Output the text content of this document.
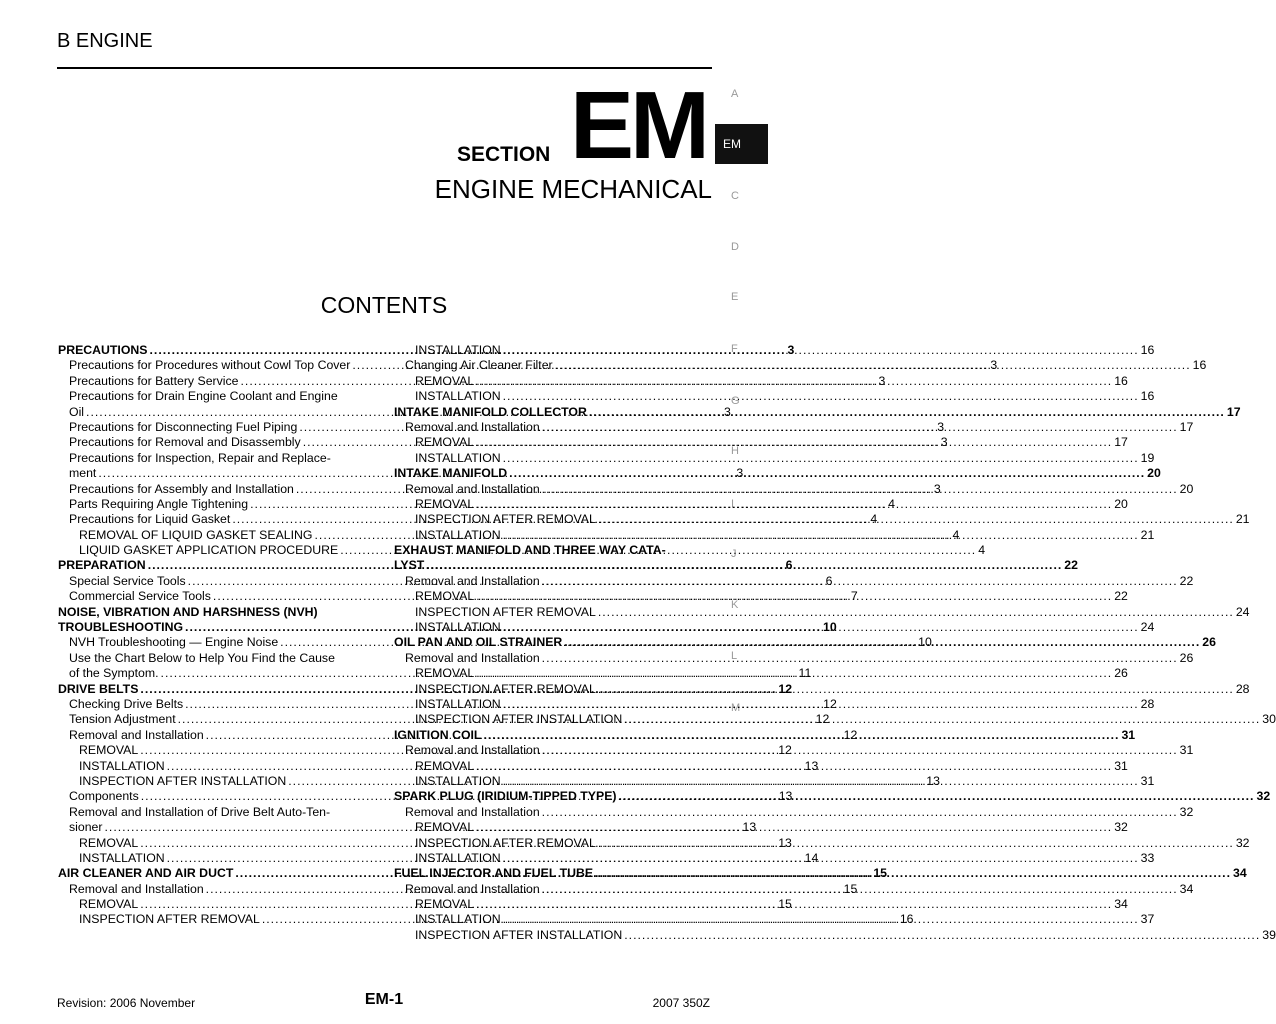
B ENGINE
SECTION EM
ENGINE MECHANICAL
A
EM
C
D
E
F
G
H
I
J
K
L
M
CONTENTS
PRECAUTIONS .....	3
Precautions for Procedures without Cowl Top Cover .....	3
Precautions for Battery Service .....	3
Precautions for Drain Engine Coolant and Engine
Oil .....	3
Precautions for Disconnecting Fuel Piping .....	3
Precautions for Removal and Disassembly .....	3
Precautions for Inspection, Repair and Replace-
ment .....	3
Precautions for Assembly and Installation .....	3
Parts Requiring Angle Tightening .....	4
Precautions for Liquid Gasket .....	4
REMOVAL OF LIQUID GASKET SEALING .....	4
LIQUID GASKET APPLICATION PROCEDURE .....	4
PREPARATION .....	6
Special Service Tools .....	6
Commercial Service Tools .....	7
NOISE, VIBRATION AND HARSHNESS (NVH)
TROUBLESHOOTING .....	10
NVH Troubleshooting — Engine Noise .....	10
Use the Chart Below to Help You Find the Cause
of the Symptom. .....	11
DRIVE BELTS .....	12
Checking Drive Belts .....	12
Tension Adjustment .....	12
Removal and Installation .....	12
REMOVAL .....	12
INSTALLATION .....	13
INSPECTION AFTER INSTALLATION .....	13
Components .....	13
Removal and Installation of Drive Belt Auto-Ten-
sioner .....	13
REMOVAL .....	13
INSTALLATION .....	14
AIR CLEANER AND AIR DUCT .....	15
Removal and Installation .....	15
REMOVAL .....	15
INSPECTION AFTER REMOVAL .....	16
INSTALLATION .....	16
Changing Air Cleaner Filter .....	16
REMOVAL .....	16
INSTALLATION .....	16
INTAKE MANIFOLD COLLECTOR .....	17
Removal and Installation .....	17
REMOVAL .....	17
INSTALLATION .....	19
INTAKE MANIFOLD .....	20
Removal and Installation .....	20
REMOVAL .....	20
INSPECTION AFTER REMOVAL .....	21
INSTALLATION .....	21
EXHAUST MANIFOLD AND THREE WAY CATA-
LYST .....	22
Removal and Installation .....	22
REMOVAL .....	22
INSPECTION AFTER REMOVAL .....	24
INSTALLATION .....	24
OIL PAN AND OIL STRAINER .....	26
Removal and Installation .....	26
REMOVAL .....	26
INSPECTION AFTER REMOVAL .....	28
INSTALLATION .....	28
INSPECTION AFTER INSTALLATION .....	30
IGNITION COIL .....	31
Removal and Installation .....	31
REMOVAL .....	31
INSTALLATION .....	31
SPARK PLUG (IRIDIUM-TIPPED TYPE) .....	32
Removal and Installation .....	32
REMOVAL .....	32
INSPECTION AFTER REMOVAL .....	32
INSTALLATION .....	33
FUEL INJECTOR AND FUEL TUBE .....	34
Removal and Installation .....	34
REMOVAL .....	34
INSTALLATION .....	37
INSPECTION AFTER INSTALLATION .....	39
Revision: 2006 November	EM-1	2007 350Z
